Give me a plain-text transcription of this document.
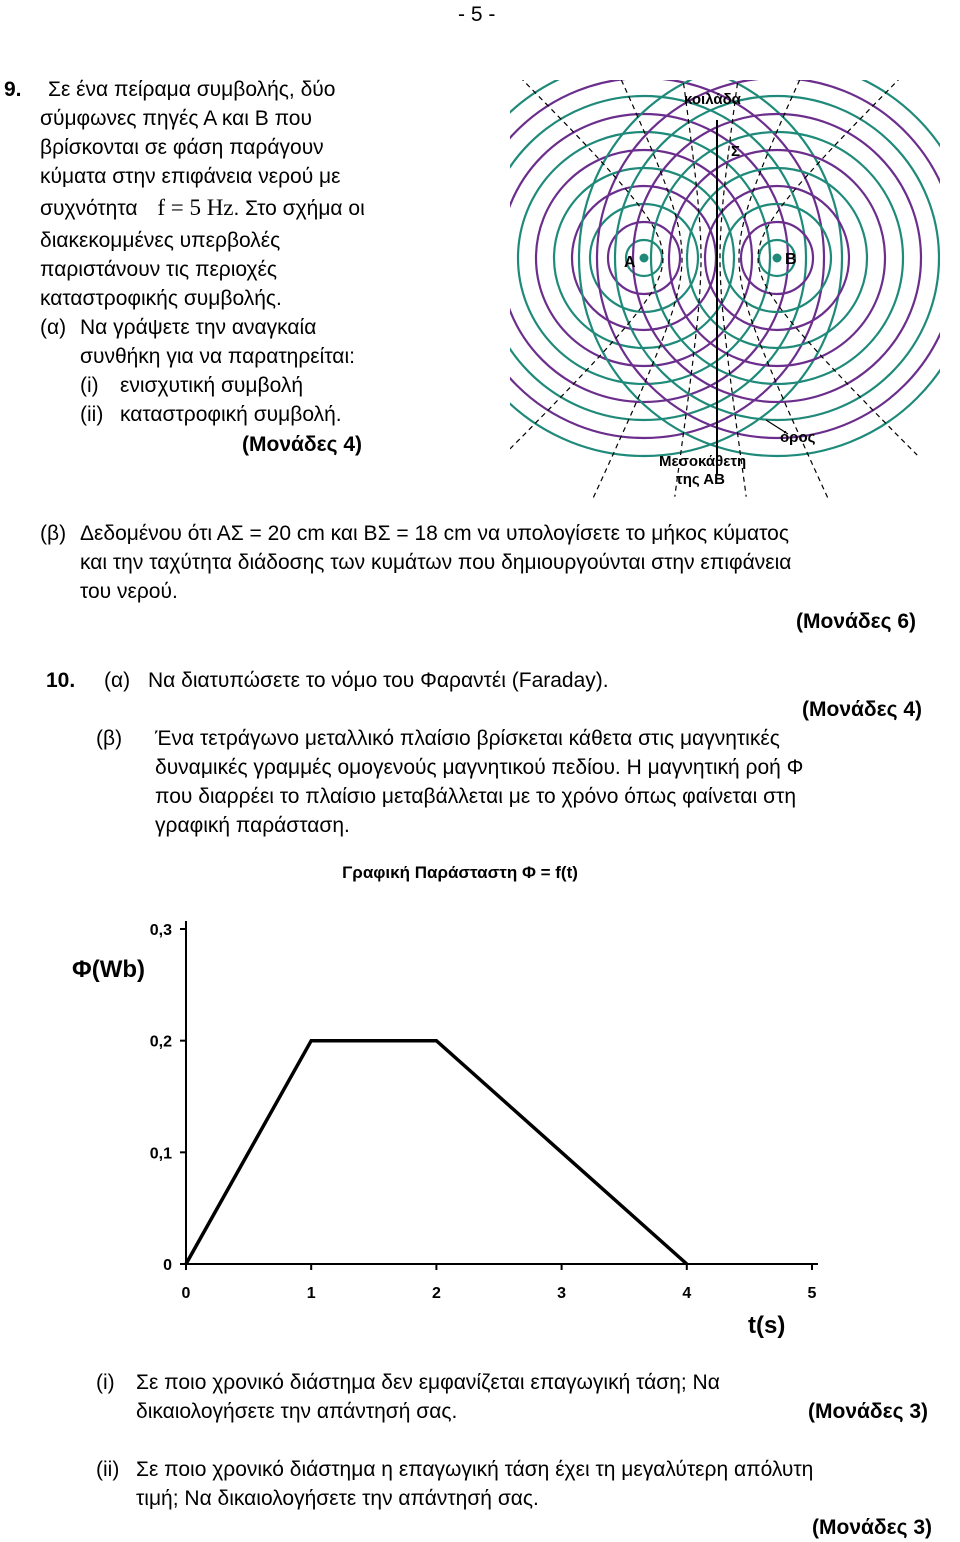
- 5 -
9. Σε ένα πείραμα συμβολής, δύο
σύμφωνες πηγές Α και Β που
βρίσκονται σε φάση παράγουν
κύματα στην επιφάνεια νερού με
συχνότητα f = 5 Hz. Στο σχήμα οι
διακεκομμένες υπερβολές
παριστάνουν τις περιοχές
καταστροφικής συμβολής.
(α) Να γράψετε την αναγκαία
συνθήκη για να παρατηρείται:
(i) ενισχυτική συμβολή
(ii) καταστροφική συμβολή.
(Μονάδες 4)
κοιλάδα
Σ
A	B
όρος
Μεσοκάθετη
της ΑΒ
(β) Δεδομένου ότι ΑΣ = 20 cm και ΒΣ = 18 cm να υπολογίσετε το μήκος κύματος
και την ταχύτητα διάδοσης των κυμάτων που δημιουργούνται στην επιφάνεια
του νερού.
(Μονάδες 6)
10. (α) Να διατυπώσετε το νόμο του Φαραντέι (Faraday).
(Μονάδες 4)
(β) Ένα τετράγωνο μεταλλικό πλαίσιο βρίσκεται κάθετα στις μαγνητικές
δυναμικές γραμμές ομογενούς μαγνητικού πεδίου. Η μαγνητική ροή Φ
που διαρρέει το πλαίσιο μεταβάλλεται με το χρόνο όπως φαίνεται στη
γραφική παράσταση.
Γραφική Παράσταστη Φ = f(t)
Φ(Wb)
t(s)
0
0,1
0,2
0,3
0	1	2	3	4	5
(i) Σε ποιο χρονικό διάστημα δεν εμφανίζεται επαγωγική τάση; Να
δικαιολογήσετε την απάντησή σας.	(Μονάδες 3)
(ii) Σε ποιο χρονικό διάστημα η επαγωγική τάση έχει τη μεγαλύτερη απόλυτη
τιμή; Να δικαιολογήσετε την απάντησή σας.
(Μονάδες 3)
